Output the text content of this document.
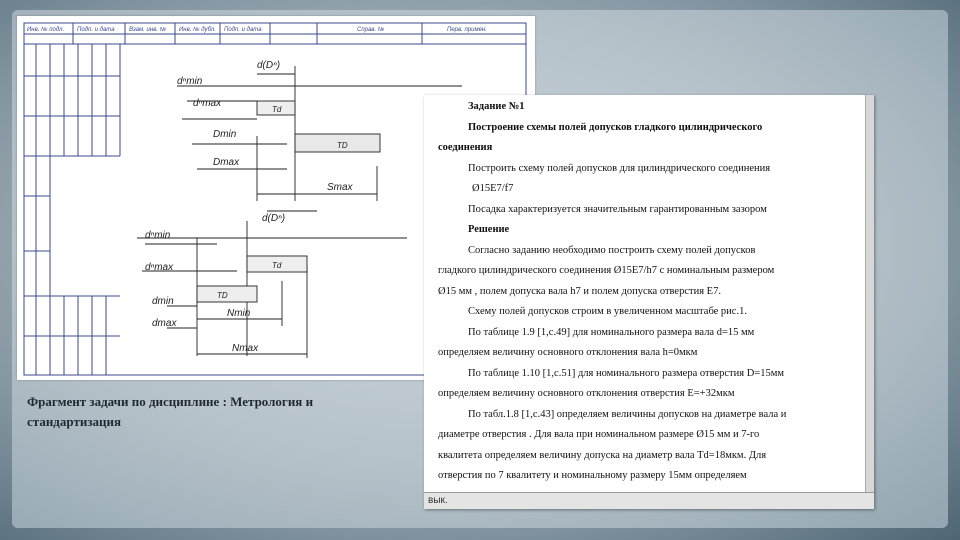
dⁿmin
dⁿmax
Dmin
Dmax
Smax
d(Dⁿ)
Td
TD
dⁿmin
dⁿmax
dmin
dmax
Nmin
Nmax
d(Dⁿ)
Td
TD
Инв. № подл. Подп. и дата Взам. инв. № Инв. № дубл. Подп. и дата	Справ. №	Перв. примен.
Фрагмент задачи по дисциплине : Метрология и стандартизация
Задание №1
Построение схемы полей допусков гладкого цилиндрического
соединения
Построить схему полей допусков для цилиндрического соединения
Ø15E7/f7
Посадка характеризуется значительным гарантированным зазором
Решение
Согласно заданию необходимо построить схему полей допусков
гладкого цилиндрического соединения Ø15E7/h7 с номинальным размером
Ø15 мм , полем допуска вала h7 и полем допуска отверстия E7.
Схему полей допусков строим в увеличенном масштабе рис.1.
По таблице 1.9 [1,с.49] для номинального размера вала d=15 мм
определяем величину основного отклонения вала h=0мкм
По таблице 1.10 [1,с.51] для номинального размера отверстия D=15мм
определяем величину основного отклонения отверстия E=+32мкм
По табл.1.8 [1,с.43] определяем величины допусков на диаметре вала и
диаметре отверстия . Для вала при номинальном размере Ø15 мм и 7-го
квалитета определяем величину допуска на диаметр вала Td=18мкм. Для
отверстия по 7 квалитету и номинальному размеру 15мм определяем
вык.
